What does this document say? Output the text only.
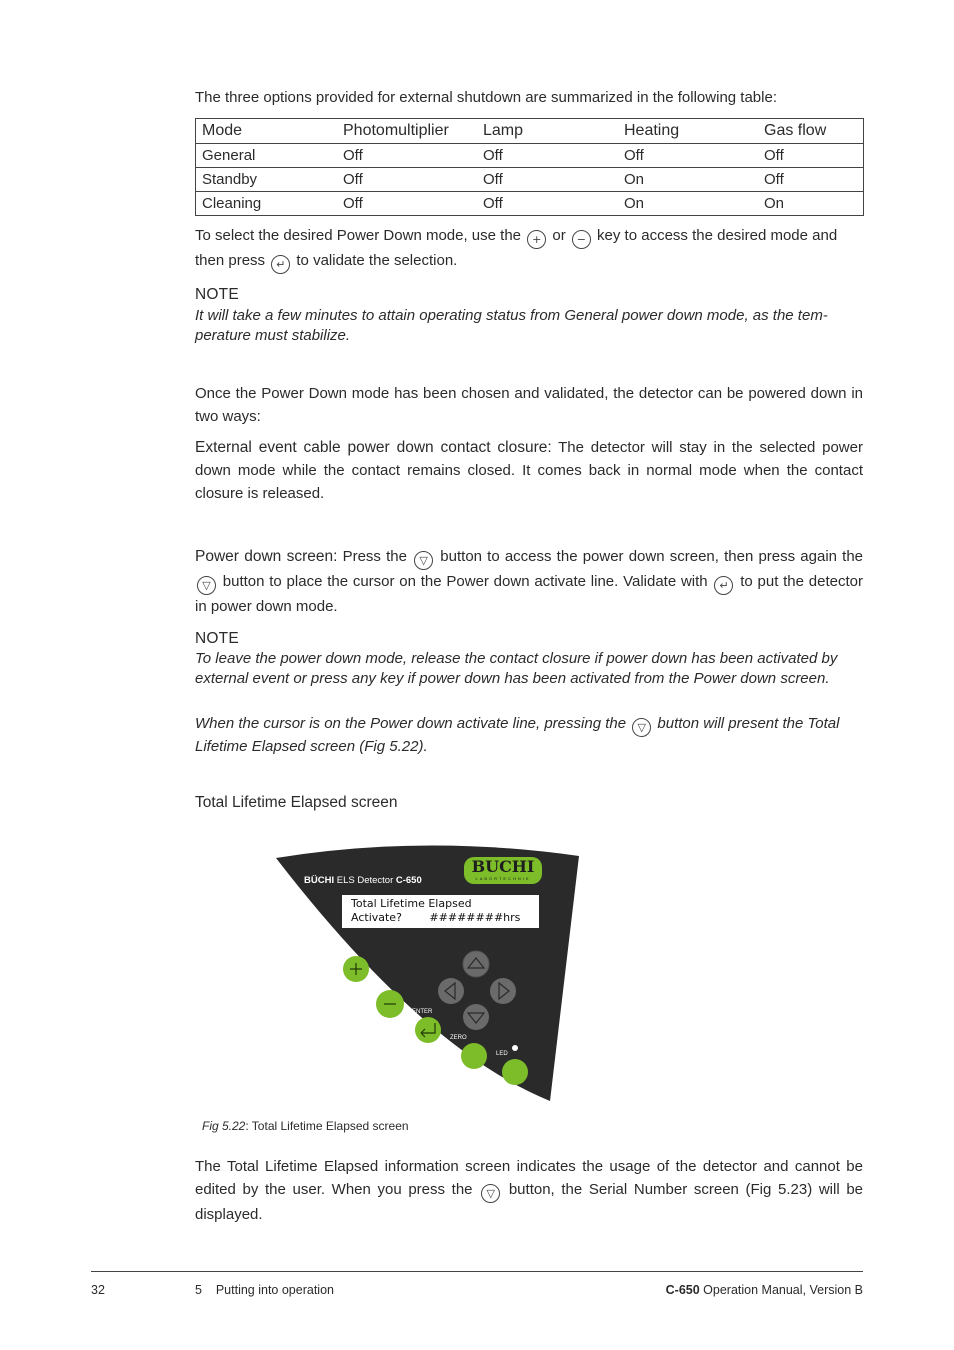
The three options provided for external shutdown are summarized in the following table:

Mode	Photomultiplier	Lamp	Heating	Gas flow
General	Off	Off	Off	Off
Standby	Off	Off	On	Off
Cleaning	Off	Off	On	On

To select the desired Power Down mode, use the + or − key to access the desired mode and
then press ↵ to validate the selection.

NOTE

It will take a few minutes to attain operating status from General power down mode, as the tem-perature must stabilize.

Once the Power Down mode has been chosen and validated, the detector can be powered down in two ways:

External event cable power down contact closure: The detector will stay in the selected power down mode while the contact remains closed. It comes back in normal mode when the contact closure is released.

Power down screen: Press the ▽ button to access the power down screen, then press again the ▽ button to place the cursor on the Power down activate line. Validate with ↵ to put the detector in power down mode.

NOTE

To leave the power down mode, release the contact closure if power down has been activated by external event or press any key if power down has been activated from the Power down screen.

When the cursor is on the Power down activate line, pressing the ▽ button will present the Total Lifetime Elapsed screen (Fig 5.22).

Total Lifetime Elapsed screen
BÜCHI ELS Detector C-650
BUCHI
LABORTECHNIK
Total Lifetime Elapsed
Activate?	########hrs
ENTER
ZERO
LED
Fig 5.22: Total Lifetime Elapsed screen

The Total Lifetime Elapsed information screen indicates the usage of the detector and cannot be edited by the user. When you press the ▽ button, the Serial Number screen (Fig 5.23) will be displayed.

32	5    Putting into operation	C-650 Operation Manual, Version B
